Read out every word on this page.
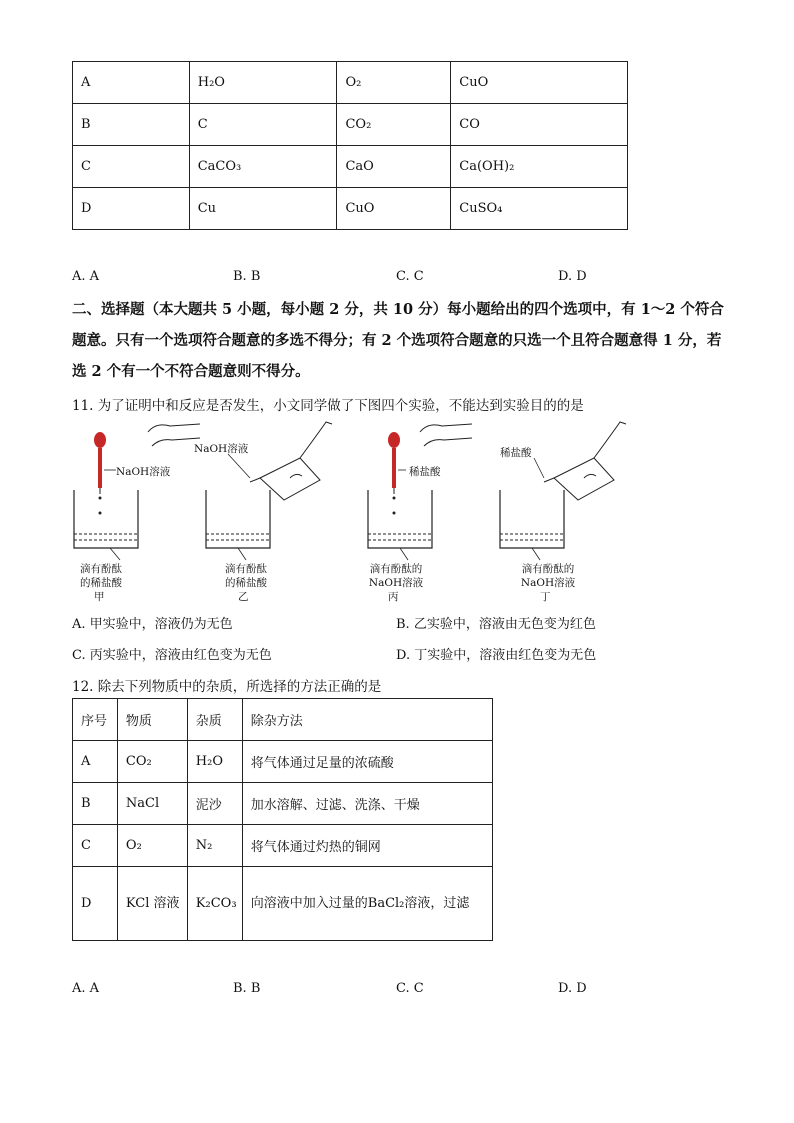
A	H₂O	O₂	CuO
B	C	CO₂	CO
C	CaCO₃	CaO	Ca(OH)₂
D	Cu	CuO	CuSO₄
A. A	B. B	C. C	D. D
二、选择题（本大题共 5 小题，每小题 2 分，共 10 分）每小题给出的四个选项中，有 1～2 个符合题意。只有一个选项符合题意的多选不得分；有 2 个选项符合题意的只选一个且符合题意得 1 分，若选 2 个有一个不符合题意则不得分。
11. 为了证明中和反应是否发生，小文同学做了下图四个实验，不能达到实验目的的是
NaOH溶液
NaOH溶液
稀盐酸
稀盐酸
滴有酚酞
的稀盐酸
甲
滴有酚酞
的稀盐酸
乙
滴有酚酞的
NaOH溶液
丙
滴有酚酞的
NaOH溶液
丁
A. 甲实验中，溶液仍为无色	B. 乙实验中，溶液由无色变为红色
C. 丙实验中，溶液由红色变为无色	D. 丁实验中，溶液由红色变为无色
12. 除去下列物质中的杂质，所选择的方法正确的是
序号	物质	杂质	除杂方法
A	CO₂	H₂O	将气体通过足量的浓硫酸
B	NaCl	泥沙	加水溶解、过滤、洗涤、干燥
C	O₂	N₂	将气体通过灼热的铜网
D	KCl 溶液	K₂CO₃	向溶液中加入过量的BaCl₂溶液，过滤
A. A	B. B	C. C	D. D
